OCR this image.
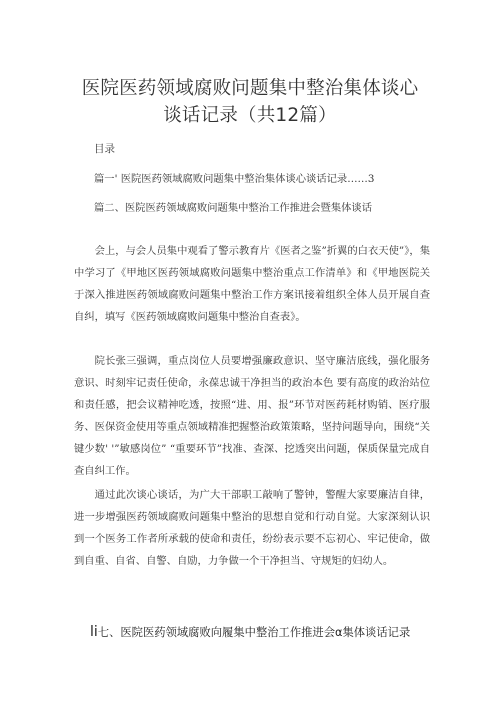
医院医药领域腐败问题集中整治集体谈心
谈话记录（共12篇）
目录
篇一' 医院医药领域腐败问题集中整治集体谈心谈话记录……3
篇二、医院医药领域腐败问题集中整治工作推进会暨集体谈话

会上，与会人员集中观看了警示教育片《医者之鉴”折翼的白衣天使”》，集中学习了《甲地区医药领域腐败问题集中整治重点工作清单》和《甲地医院关于深入推进医药领域腐败问题集中整治工作方案讯接着组织全体人员开展自查自纠，填写《医药领域腐败问题集中整治自查表》。

院长张三强调，重点岗位人员要增强廉政意识、坚守廉洁底线，强化服务意识、时刻牢记责任使命，永葆忠诚干净担当的政治本色 要有高度的政治站位和责任感，把会议精神吃透，按照“进、用、报”环节对医药耗材购销、医疗服务、医保资金使用等重点领域精准把握整治政策策略，坚持问题导向，围绕“关键少数' '”敏感岗位” “重要环节”找准、查深、挖透突出问题，保质保量完成自查自纠工作。

通过此次谈心谈话，为广大干部职工敲响了警钟，警醒大家要廉洁自律，进一步增强医药领域腐败问题集中整治的思想自觉和行动自觉。大家深刻认识到一个医务工作者所承载的使命和责任，纷纷表示要不忘初心、牢记使命，做到自重、自省、自警、自励，力争做一个干净担当、守规矩的妇幼人。

li七、医院医药领域腐败向履集中整治工作推进会α集体谈话记录
